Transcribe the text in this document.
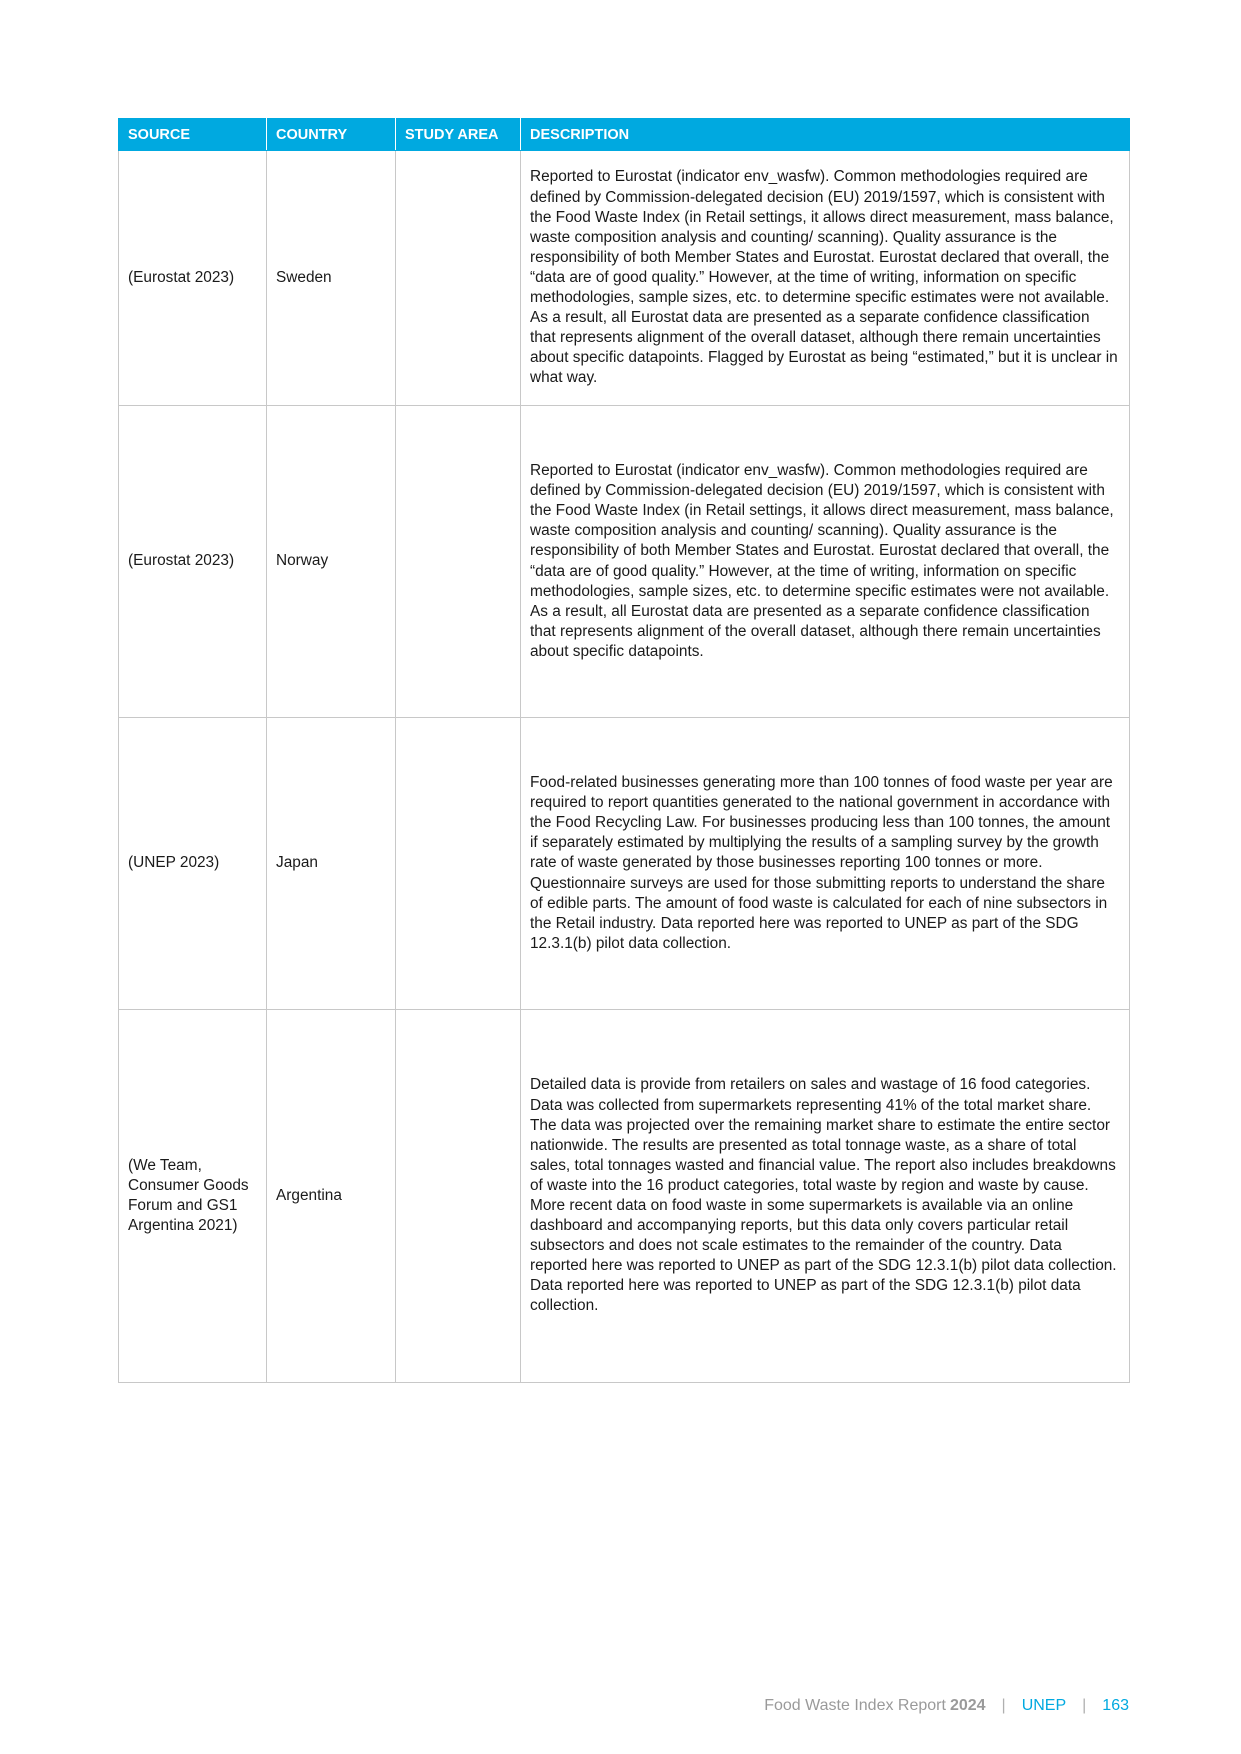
SOURCE	COUNTRY	STUDY AREA	DESCRIPTION
(Eurostat 2023)	Sweden		Reported to Eurostat (indicator env_wasfw). Common methodologies required are defined by Commission-delegated decision (EU) 2019/1597, which is consistent with the Food Waste Index (in Retail settings, it allows direct measurement, mass balance, waste composition analysis and counting/ scanning). Quality assurance is the responsibility of both Member States and Eurostat. Eurostat declared that overall, the “data are of good quality.” However, at the time of writing, information on specific methodologies, sample sizes, etc. to determine specific estimates were not available. As a result, all Eurostat data are presented as a separate confidence classification that represents alignment of the overall dataset, although there remain uncertainties about specific datapoints. Flagged by Eurostat as being “estimated,” but it is unclear in what way.
(Eurostat 2023)	Norway		Reported to Eurostat (indicator env_wasfw). Common methodologies required are defined by Commission-delegated decision (EU) 2019/1597, which is consistent with the Food Waste Index (in Retail settings, it allows direct measurement, mass balance, waste composition analysis and counting/ scanning). Quality assurance is the responsibility of both Member States and Eurostat. Eurostat declared that overall, the “data are of good quality.” However, at the time of writing, information on specific methodologies, sample sizes, etc. to determine specific estimates were not available. As a result, all Eurostat data are presented as a separate confidence classification that represents alignment of the overall dataset, although there remain uncertainties about specific datapoints.
(UNEP 2023)	Japan		Food-related businesses generating more than 100 tonnes of food waste per year are required to report quantities generated to the national government in accordance with the Food Recycling Law. For businesses producing less than 100 tonnes, the amount if separately estimated by multiplying the results of a sampling survey by the growth rate of waste generated by those businesses reporting 100 tonnes or more. Questionnaire surveys are used for those submitting reports to understand the share of edible parts. The amount of food waste is calculated for each of nine subsectors in the Retail industry. Data reported here was reported to UNEP as part of the SDG 12.3.1(b) pilot data collection.
(We Team, Consumer Goods Forum and GS1 Argentina 2021)	Argentina		Detailed data is provide from retailers on sales and wastage of 16 food categories. Data was collected from supermarkets representing 41% of the total market share. The data was projected over the remaining market share to estimate the entire sector nationwide. The results are presented as total tonnage waste, as a share of total sales, total tonnages wasted and financial value. The report also includes breakdowns of waste into the 16 product categories, total waste by region and waste by cause. More recent data on food waste in some supermarkets is available via an online dashboard and accompanying reports, but this data only covers particular retail subsectors and does not scale estimates to the remainder of the country. Data reported here was reported to UNEP as part of the SDG 12.3.1(b) pilot data collection. Data reported here was reported to UNEP as part of the SDG 12.3.1(b) pilot data collection.
Food Waste Index Report 2024 | UNEP | 163
